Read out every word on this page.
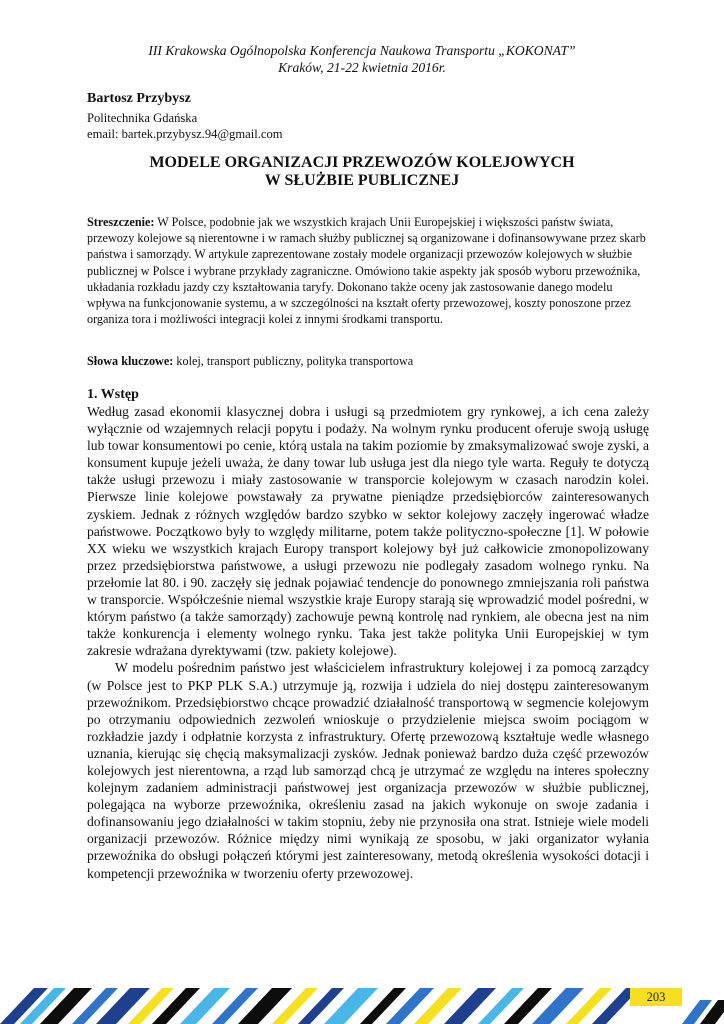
III Krakowska Ogólnopolska Konferencja Naukowa Transportu „KOKONAT”
Kraków, 21-22 kwietnia 2016r.
Bartosz Przybysz
Politechnika Gdańska
email: bartek.przybysz.94@gmail.com
MODELE ORGANIZACJI PRZEWOZÓW KOLEJOWYCH
W SŁUŻBIE PUBLICZNEJ

Streszczenie: W Polsce, podobnie jak we wszystkich krajach Unii Europejskiej i większości państw świata, przewozy kolejowe są nierentowne i w ramach służby publicznej są organizowane i dofinansowywane przez skarb państwa i samorządy. W artykule zaprezentowane zostały modele organizacji przewozów kolejowych w służbie publicznej w Polsce i wybrane przykłady zagraniczne. Omówiono takie aspekty jak sposób wyboru przewoźnika, układania rozkładu jazdy czy kształtowania taryfy. Dokonano także oceny jak zastosowanie danego modelu wpływa na funkcjonowanie systemu, a w szczególności na kształt oferty przewozowej, koszty ponoszone przez organiza tora i możliwości integracji kolei z innymi środkami transportu.

Słowa kluczowe: kolej, transport publiczny, polityka transportowa

1. Wstęp

Według zasad ekonomii klasycznej dobra i usługi są przedmiotem gry rynkowej, a ich cena zależy wyłącznie od wzajemnych relacji popytu i podaży. Na wolnym rynku producent oferuje swoją usługę lub towar konsumentowi po cenie, którą ustala na takim poziomie by zmaksymalizować swoje zyski, a konsument kupuje jeżeli uważa, że dany towar lub usługa jest dla niego tyle warta. Reguły te dotyczą także usługi przewozu i miały zastosowanie w transporcie kolejowym w czasach narodzin kolei. Pierwsze linie kolejowe powstawały za prywatne pieniądze przedsiębiorców zainteresowanych zyskiem. Jednak z różnych względów bardzo szybko w sektor kolejowy zaczęły ingerować władze państwowe. Początkowo były to względy militarne, potem także polityczno-społeczne [1]. W połowie XX wieku we wszystkich krajach Europy transport kolejowy był już całkowicie zmonopolizowany przez przedsiębiorstwa państwowe, a usługi przewozu nie podlegały zasadom wolnego rynku. Na przełomie lat 80. i 90. zaczęły się jednak pojawiać tendencje do ponownego zmniejszania roli państwa w transporcie. Współcześnie niemal wszystkie kraje Europy starają się wprowadzić model pośredni, w którym państwo (a także samorządy) zachowuje pewną kontrolę nad rynkiem, ale obecna jest na nim także konkurencja i elementy wolnego rynku. Taka jest także polityka Unii Europejskiej w tym zakresie wdrażana dyrektywami (tzw. pakiety kolejowe).

W modelu pośrednim państwo jest właścicielem infrastruktury kolejowej i za pomocą zarządcy (w Polsce jest to PKP PLK S.A.) utrzymuje ją, rozwija i udziela do niej dostępu zainteresowanym przewoźnikom. Przedsiębiorstwo chcące prowadzić działalność transportową w segmencie kolejowym po otrzymaniu odpowiednich zezwoleń wnioskuje o przydzielenie miejsca swoim pociągom w rozkładzie jazdy i odpłatnie korzysta z infrastruktury. Ofertę przewozową kształtuje wedle własnego uznania, kierując się chęcią maksymalizacji zysków. Jednak ponieważ bardzo duża część przewozów kolejowych jest nierentowna, a rząd lub samorząd chcą je utrzymać ze względu na interes społeczny kolejnym zadaniem administracji państwowej jest organizacja przewozów w służbie publicznej, polegająca na wyborze przewoźnika, określeniu zasad na jakich wykonuje on swoje zadania i dofinansowaniu jego działalności w takim stopniu, żeby nie przynosiła ona strat. Istnieje wiele modeli organizacji przewozów. Różnice między nimi wynikają ze sposobu, w jaki organizator wyłania przewoźnika do obsługi połączeń którymi jest zainteresowany, metodą określenia wysokości dotacji i kompetencji przewoźnika w tworzeniu oferty przewozowej.

203
